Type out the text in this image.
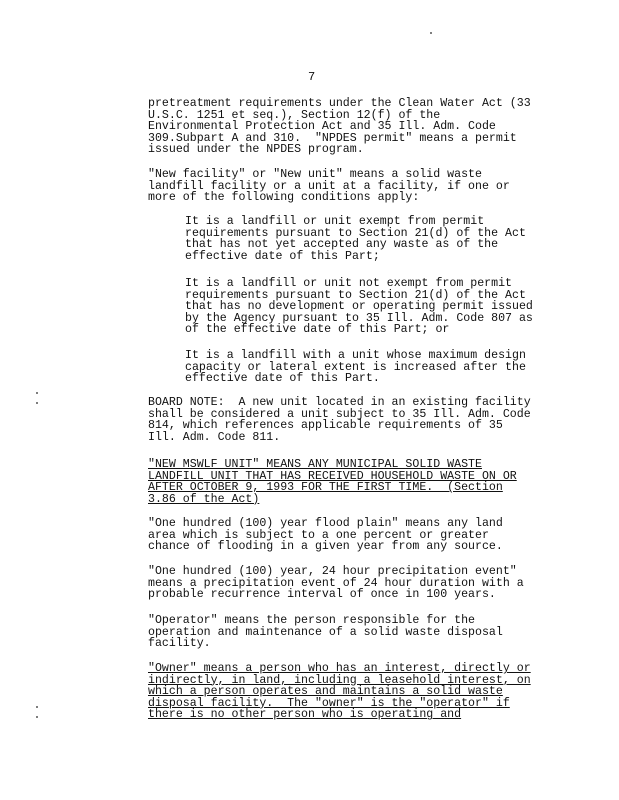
7
pretreatment requirements under the Clean Water Act (33
U.S.C. 1251 et seq.), Section 12(f) of the
Environmental Protection Act and 35 Ill. Adm. Code
309.Subpart A and 310.  "NPDES permit" means a permit
issued under the NPDES program.
"New facility" or "New unit" means a solid waste
landfill facility or a unit at a facility, if one or
more of the following conditions apply:
It is a landfill or unit exempt from permit
requirements pursuant to Section 21(d) of the Act
that has not yet accepted any waste as of the
effective date of this Part;
It is a landfill or unit not exempt from permit
requirements pursuant to Section 21(d) of the Act
that has no development or operating permit issued
by the Agency pursuant to 35 Ill. Adm. Code 807 as
of the effective date of this Part; or
It is a landfill with a unit whose maximum design
capacity or lateral extent is increased after the
effective date of this Part.
BOARD NOTE:  A new unit located in an existing facility
shall be considered a unit subject to 35 Ill. Adm. Code
814, which references applicable requirements of 35
Ill. Adm. Code 811.
"NEW MSWLF UNIT" MEANS ANY MUNICIPAL SOLID WASTE
LANDFILL UNIT THAT HAS RECEIVED HOUSEHOLD WASTE ON OR
AFTER OCTOBER 9, 1993 FOR THE FIRST TIME.  (Section
3.86 of the Act)
"One hundred (100) year flood plain" means any land
area which is subject to a one percent or greater
chance of flooding in a given year from any source.
"One hundred (100) year, 24 hour precipitation event"
means a precipitation event of 24 hour duration with a
probable recurrence interval of once in 100 years.
"Operator" means the person responsible for the
operation and maintenance of a solid waste disposal
facility.
"Owner" means a person who has an interest, directly or
indirectly, in land, including a leasehold interest, on
which a person operates and maintains a solid waste
disposal facility.  The "owner" is the "operator" if
there is no other person who is operating and
